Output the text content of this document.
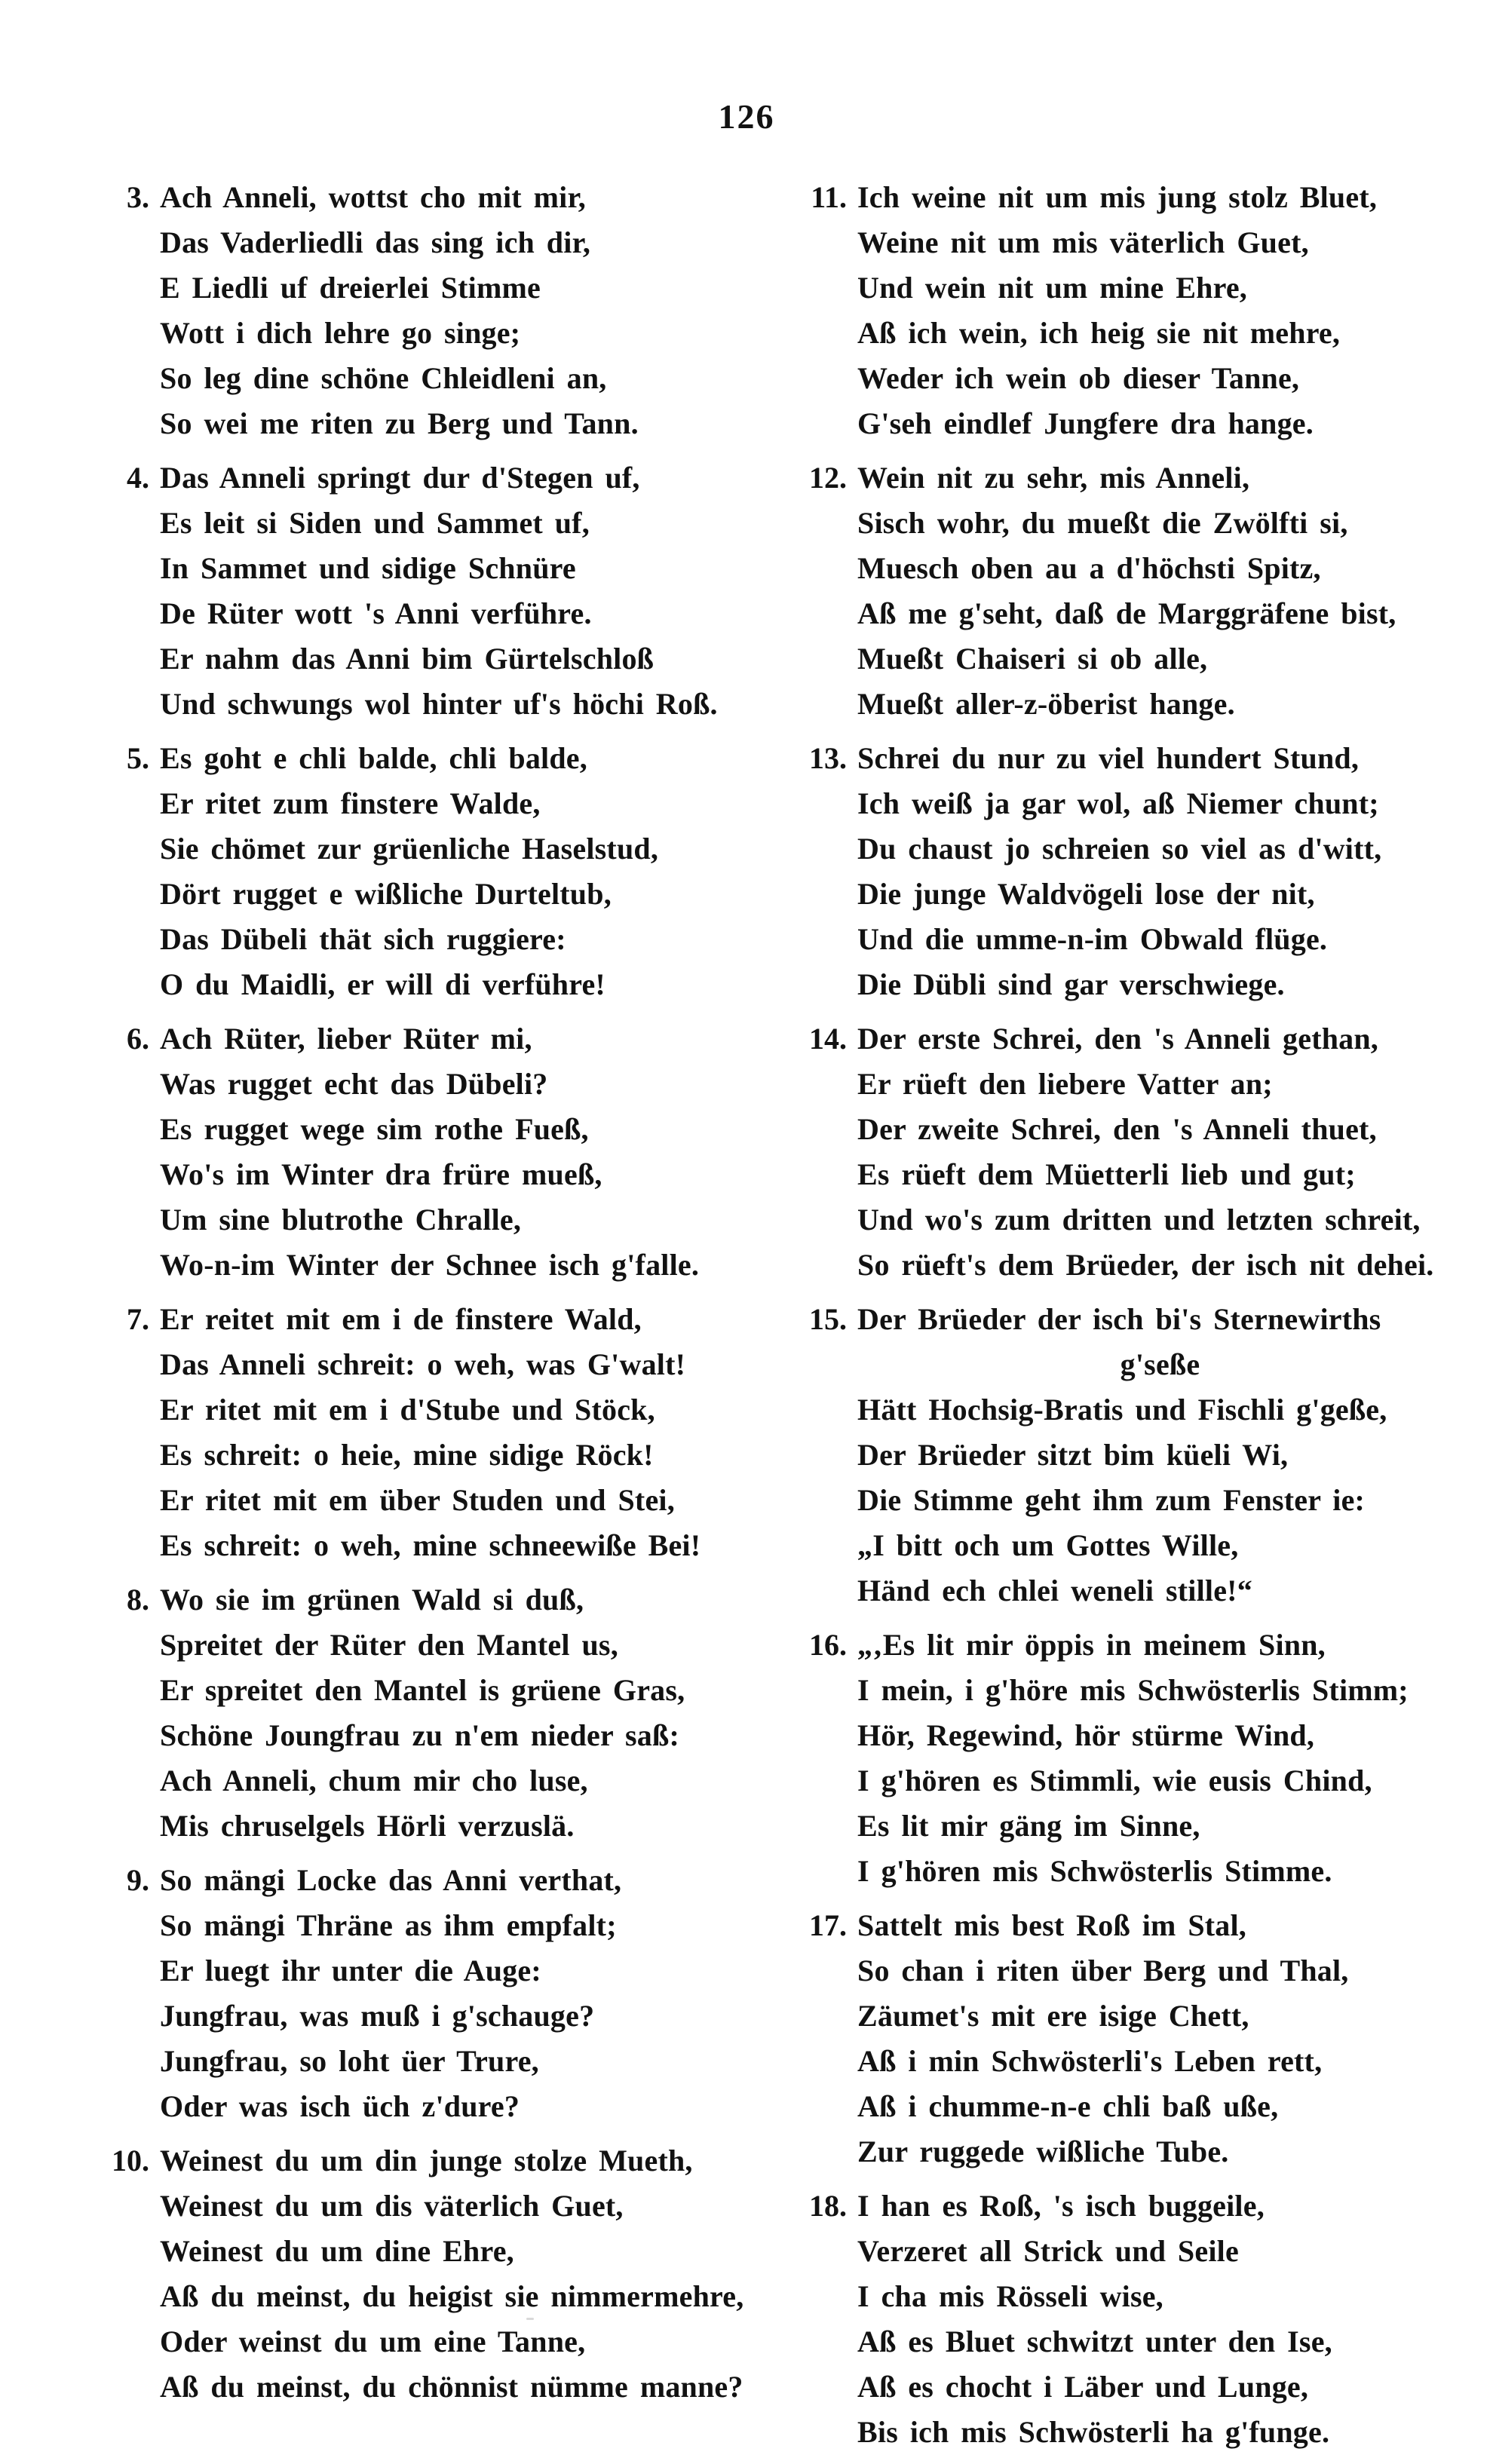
126
3. Ach Anneli, wottst cho mit mir,
Das Vaderliedli das sing ich dir,
E Liedli uf dreierlei Stimme
Wott i dich lehre go singe;
So leg dine schöne Chleidleni an,
So wei me riten zu Berg und Tann.
4. Das Anneli springt dur d'Stegen uf,
Es leit si Siden und Sammet uf,
In Sammet und sidige Schnüre
De Rüter wott 's Anni verführe.
Er nahm das Anni bim Gürtelschloß
Und schwungs wol hinter uf's höchi Roß.
5. Es goht e chli balde, chli balde,
Er ritet zum finstere Walde,
Sie chömet zur grüenliche Haselstud,
Dört rugget e wißliche Durteltub,
Das Dübeli thät sich ruggiere:
O du Maidli, er will di verführe!
6. Ach Rüter, lieber Rüter mi,
Was rugget echt das Dübeli?
Es rugget wege sim rothe Fueß,
Wo's im Winter dra früre mueß,
Um sine blutrothe Chralle,
Wo-n-im Winter der Schnee isch g'falle.
7. Er reitet mit em i de finstere Wald,
Das Anneli schreit: o weh, was G'walt!
Er ritet mit em i d'Stube und Stöck,
Es schreit: o heie, mine sidige Röck!
Er ritet mit em über Studen und Stei,
Es schreit: o weh, mine schneewiße Bei!
8. Wo sie im grünen Wald si duß,
Spreitet der Rüter den Mantel us,
Er spreitet den Mantel is grüene Gras,
Schöne Joungfrau zu n'em nieder saß:
Ach Anneli, chum mir cho luse,
Mis chruselgels Hörli verzuslä.
9. So mängi Locke das Anni verthat,
So mängi Thräne as ihm empfalt;
Er luegt ihr unter die Auge:
Jungfrau, was muß i g'schauge?
Jungfrau, so loht üer Trure,
Oder was isch üch z'dure?
10. Weinest du um din junge stolze Mueth,
Weinest du um dis väterlich Guet,
Weinest du um dine Ehre,
Aß du meinst, du heigist sie nimmermehre,
Oder weinst du um eine Tanne,
Aß du meinst, du chönnist nümme manne?
11. Ich weine nit um mis jung stolz Bluet,
Weine nit um mis väterlich Guet,
Und wein nit um mine Ehre,
Aß ich wein, ich heig sie nit mehre,
Weder ich wein ob dieser Tanne,
G'seh eindlef Jungfere dra hange.
12. Wein nit zu sehr, mis Anneli,
Sisch wohr, du mueßt die Zwölfti si,
Muesch oben au a d'höchsti Spitz,
Aß me g'seht, daß de Marggräfene bist,
Mueßt Chaiseri si ob alle,
Mueßt aller-z-öberist hange.
13. Schrei du nur zu viel hundert Stund,
Ich weiß ja gar wol, aß Niemer chunt;
Du chaust jo schreien so viel as d'witt,
Die junge Waldvögeli lose der nit,
Und die umme-n-im Obwald flüge.
Die Dübli sind gar verschwiege.
14. Der erste Schrei, den 's Anneli gethan,
Er rüeft den liebere Vatter an;
Der zweite Schrei, den 's Anneli thuet,
Es rüeft dem Müetterli lieb und gut;
Und wo's zum dritten und letzten schreit,
So rüeft's dem Brüeder, der isch nit dehei.
15. Der Brüeder der isch bi's Sternewirths
g'seße
Hätt Hochsig-Bratis und Fischli g'geße,
Der Brüeder sitzt bim küeli Wi,
Die Stimme geht ihm zum Fenster ie:
„I bitt och um Gottes Wille,
Händ ech chlei weneli stille!“
16. „‚Es lit mir öppis in meinem Sinn,
I mein, i g'höre mis Schwösterlis Stimm;
Hör, Regewind, hör stürme Wind,
I g'hören es Stimmli, wie eusis Chind,
Es lit mir gäng im Sinne,
I g'hören mis Schwösterlis Stimme.
17. Sattelt mis best Roß im Stal,
So chan i riten über Berg und Thal,
Zäumet's mit ere isige Chett,
Aß i min Schwösterli's Leben rett,
Aß i chumme-n-e chli baß uße,
Zur ruggede wißliche Tube.
18. I han es Roß, 's isch buggeile,
Verzeret all Strick und Seile
I cha mis Rösseli wise,
Aß es Bluet schwitzt unter den Ise,
Aß es chocht i Läber und Lunge,
Bis ich mis Schwösterli ha g'funge.
